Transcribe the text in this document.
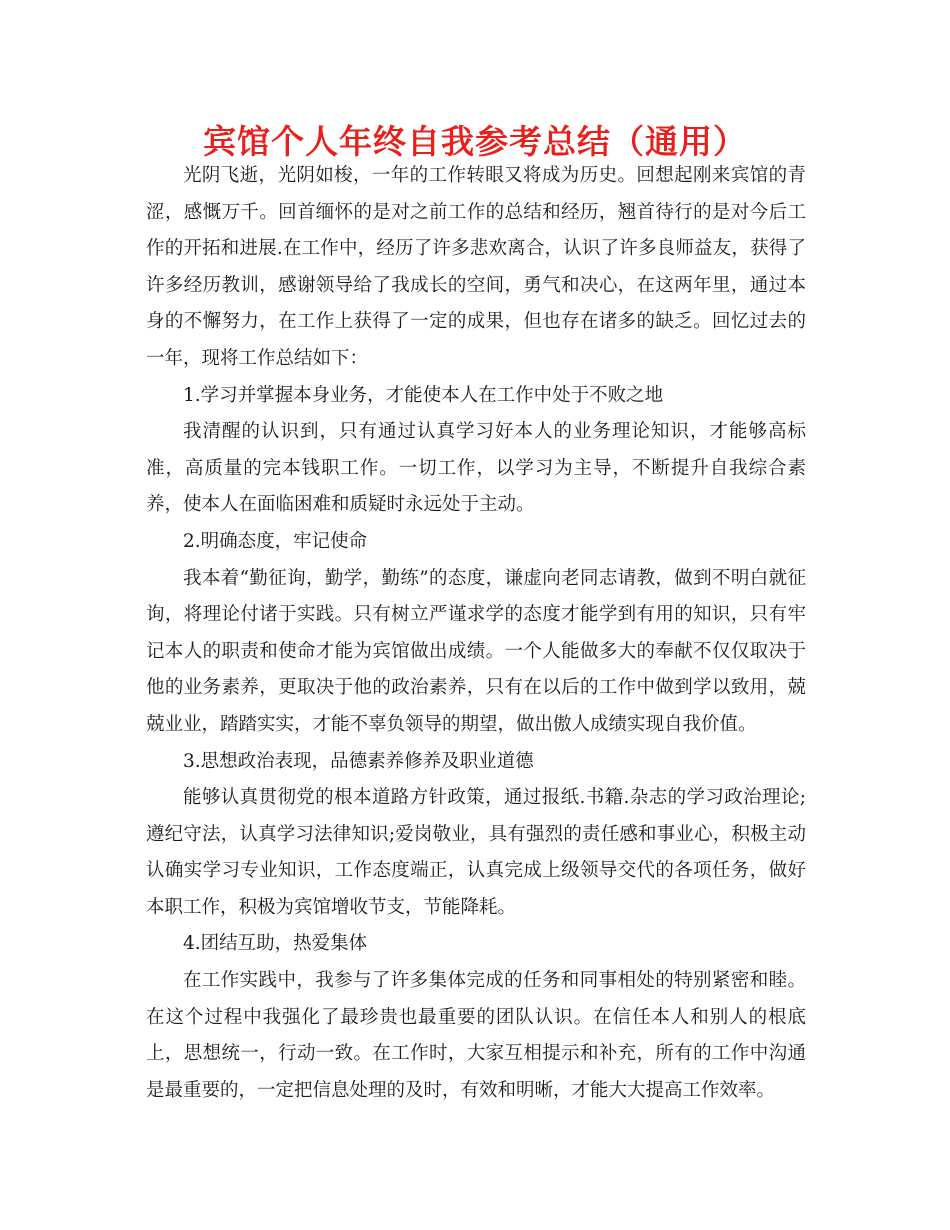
宾馆个人年终自我参考总结（通用）

光阴飞逝，光阴如梭，一年的工作转眼又将成为历史。回想起刚来宾馆的青涩，感慨万千。回首缅怀的是对之前工作的总结和经历，翘首待行的是对今后工作的开拓和进展.在工作中，经历了许多悲欢离合，认识了许多良师益友，获得了许多经历教训，感谢领导给了我成长的空间，勇气和决心，在这两年里，通过本身的不懈努力，在工作上获得了一定的成果，但也存在诸多的缺乏。回忆过去的一年，现将工作总结如下：

1.学习并掌握本身业务，才能使本人在工作中处于不败之地

我清醒的认识到，只有通过认真学习好本人的业务理论知识，才能够高标准，高质量的完本钱职工作。一切工作，以学习为主导，不断提升自我综合素养，使本人在面临困难和质疑时永远处于主动。

2.明确态度，牢记使命

我本着“勤征询，勤学，勤练”的态度，谦虚向老同志请教，做到不明白就征询，将理论付诸于实践。只有树立严谨求学的态度才能学到有用的知识，只有牢记本人的职责和使命才能为宾馆做出成绩。一个人能做多大的奉献不仅仅取决于他的业务素养，更取决于他的政治素养，只有在以后的工作中做到学以致用，兢兢业业，踏踏实实，才能不辜负领导的期望，做出傲人成绩实现自我价值。

3.思想政治表现，品德素养修养及职业道德

能够认真贯彻党的根本道路方针政策，通过报纸.书籍.杂志的学习政治理论;遵纪守法，认真学习法律知识;爱岗敬业，具有强烈的责任感和事业心，积极主动认确实学习专业知识，工作态度端正，认真完成上级领导交代的各项任务，做好本职工作，积极为宾馆增收节支，节能降耗。

4.团结互助，热爱集体

在工作实践中，我参与了许多集体完成的任务和同事相处的特别紧密和睦。在这个过程中我强化了最珍贵也最重要的团队认识。在信任本人和别人的根底上，思想统一，行动一致。在工作时，大家互相提示和补充，所有的工作中沟通是最重要的，一定把信息处理的及时，有效和明晰，才能大大提高工作效率。
